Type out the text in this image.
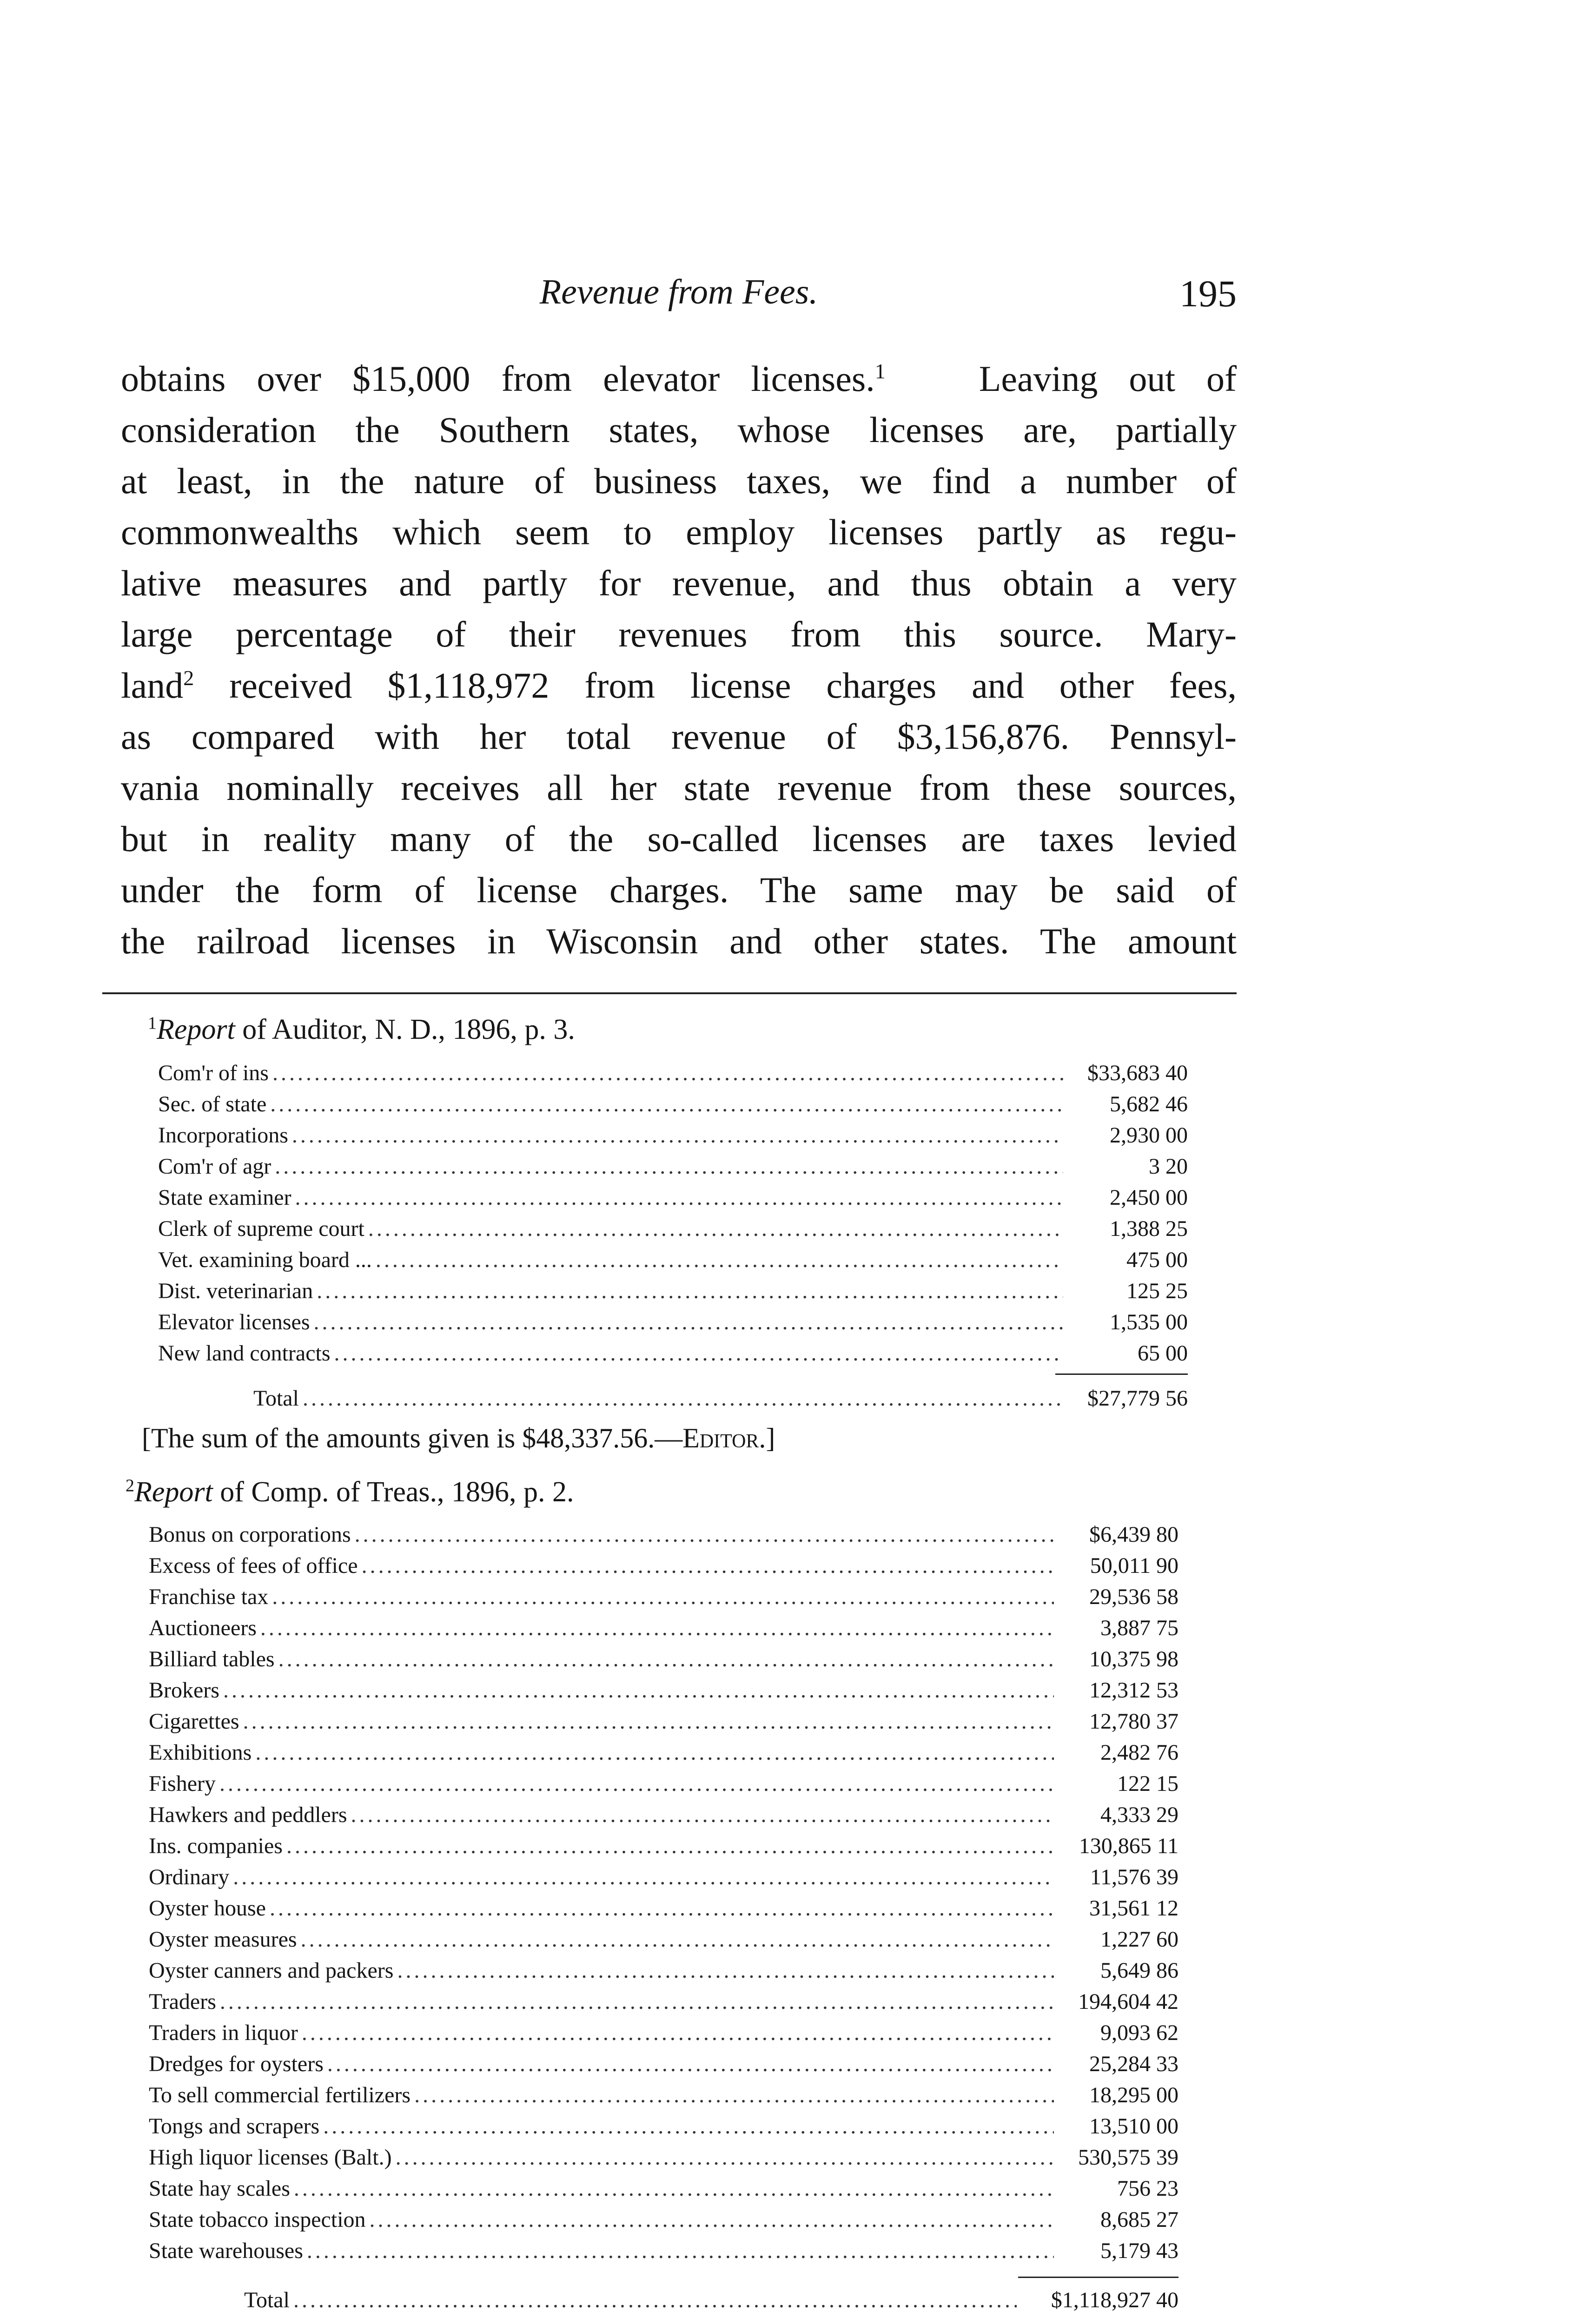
Revenue from Fees.	195
obtains over $15,000 from elevator licenses.$^1$	Leaving out of
consideration the Southern states, whose licenses are, partially
at least, in the nature of business taxes, we find a number of
commonwealths which seem to employ licenses partly as regu-
lative measures and partly for revenue, and thus obtain a very
large percentage of their revenues from this source. Mary-
land$^2$ received $1,118,972 from license charges and other fees,
as compared with her total revenue of $3,156,876. Pennsyl-
vania nominally receives all her state revenue from these sources,
but in reality many of the so-called licenses are taxes levied
under the form of license charges. The same may be said of
the railroad licenses in Wisconsin and other states. The amount
$^1$Report of Auditor, N. D., 1896, p. 3.
Com'r of ins .....	$33,683 40
Sec. of state .....	5,682 46
Incorporations .....	2,930 00
Com'r of agr .....	3 20
State examiner .....	2,450 00
Clerk of supreme court .....	1,388 25
Vet. examining board ... .....	475 00
Dist. veterinarian .....	125 25
Elevator licenses .....	1,535 00
New land contracts .....	65 00
Total .....	$27,779 56
[The sum of the amounts given is $48,337.56.—Editor.]
$^2$Report of Comp. of Treas., 1896, p. 2.
Bonus on corporations .....	$6,439 80
Excess of fees of office .....	50,011 90
Franchise tax .....	29,536 58
Auctioneers .....	3,887 75
Billiard tables .....	10,375 98
Brokers .....	12,312 53
Cigarettes .....	12,780 37
Exhibitions .....	2,482 76
Fishery .....	122 15
Hawkers and peddlers .....	4,333 29
Ins. companies .....	130,865 11
Ordinary .....	11,576 39
Oyster house .....	31,561 12
Oyster measures .....	1,227 60
Oyster canners and packers .....	5,649 86
Traders .....	194,604 42
Traders in liquor .....	9,093 62
Dredges for oysters .....	25,284 33
To sell commercial fertilizers .....	18,295 00
Tongs and scrapers .....	13,510 00
High liquor licenses (Balt.) .....	530,575 39
State hay scales .....	756 23
State tobacco inspection .....	8,685 27
State warehouses .....	5,179 43
Total .....	$1,118,927 40
